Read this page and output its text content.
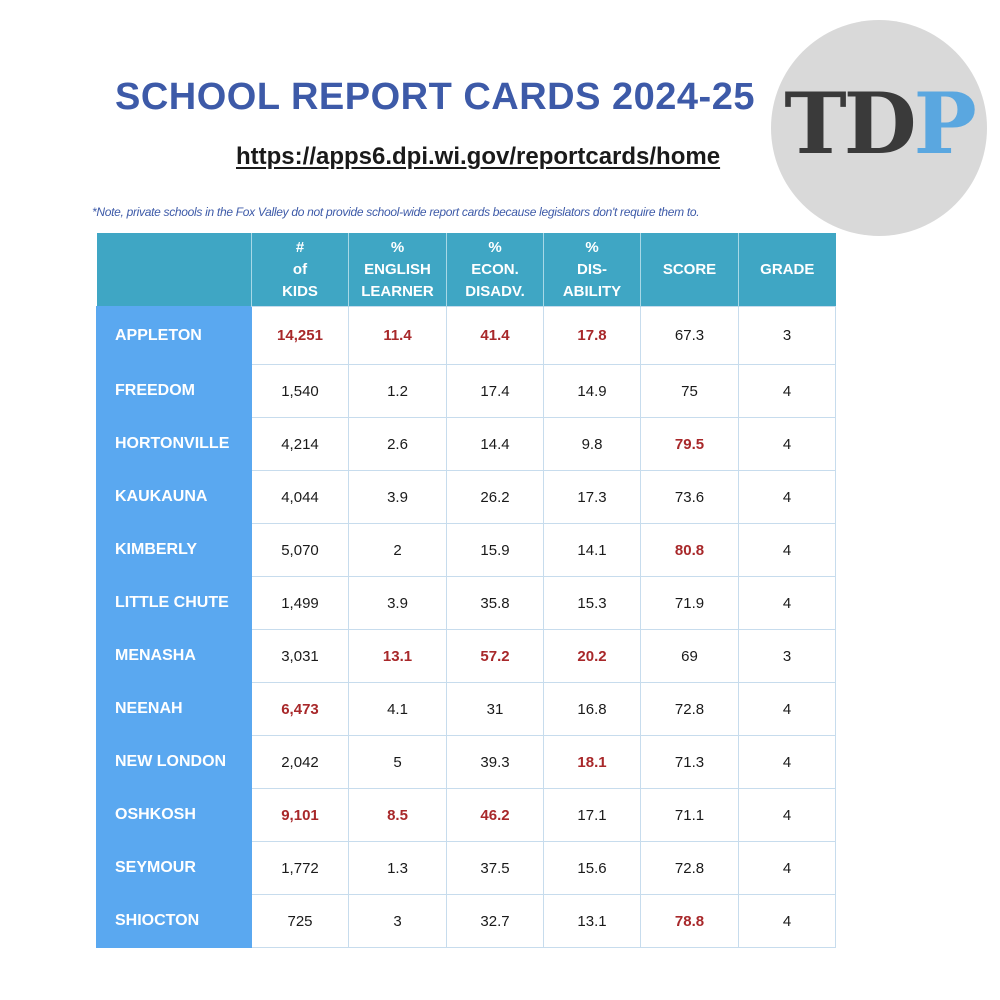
SCHOOL REPORT CARDS 2024-25
https://apps6.dpi.wi.gov/reportcards/home TDP
*Note, private schools in the Fox Valley do not provide school-wide report cards because legislators don't require them to.

	#
of
KIDS	%
ENGLISH
LEARNER	%
ECON.
DISADV.	%
DIS-
ABILITY	SCORE	GRADE

APPLETON	14,251	11.4	41.4	17.8	67.3	3
FREEDOM	1,540	1.2	17.4	14.9	75	4
HORTONVILLE	4,214	2.6	14.4	9.8	79.5	4
KAUKAUNA	4,044	3.9	26.2	17.3	73.6	4
KIMBERLY	5,070	2	15.9	14.1	80.8	4
LITTLE CHUTE	1,499	3.9	35.8	15.3	71.9	4
MENASHA	3,031	13.1	57.2	20.2	69	3
NEENAH	6,473	4.1	31	16.8	72.8	4
NEW LONDON	2,042	5	39.3	18.1	71.3	4
OSHKOSH	9,101	8.5	46.2	17.1	71.1	4
SEYMOUR	1,772	1.3	37.5	15.6	72.8	4
SHIOCTON	725	3	32.7	13.1	78.8	4
